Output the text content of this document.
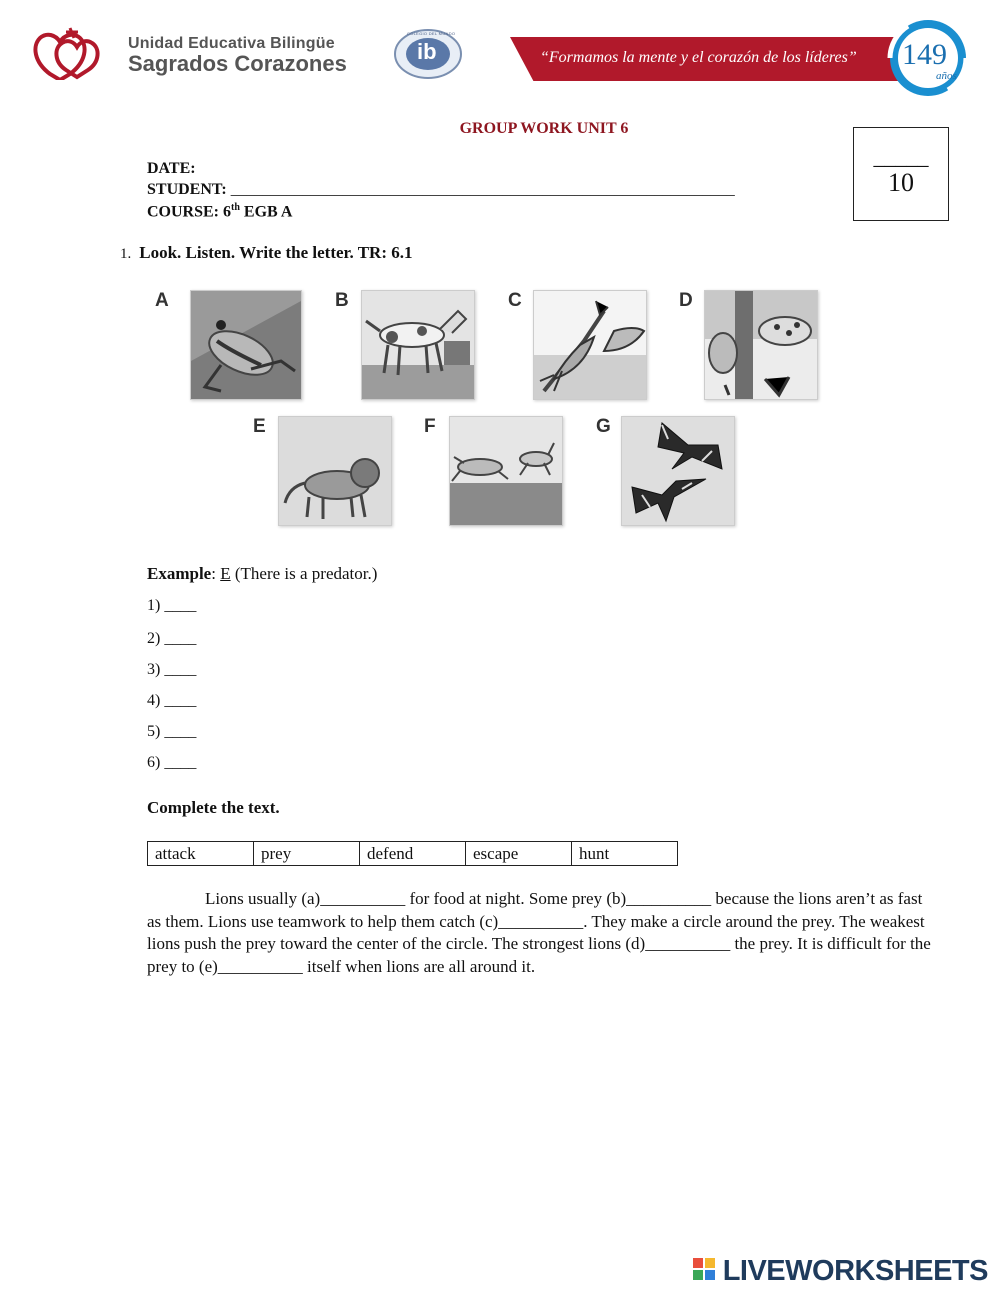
Unidad Educativa Bilingüe
Sagrados Corazones	ib
COLEGIO DEL MUNDO
“Formamos la mente y el corazón de los líderes” 149
años
GROUP WORK UNIT 6
DATE:
STUDENT: _______________________________________________________________
COURSE: 6th EGB A
_____
10
1. Look. Listen. Write the letter. TR: 6.1
A	B	C	D
E	F	G
Example: E (There is a predator.)
1) ____
2) ____
3) ____
4) ____
5) ____
6) ____
Complete the text.
attack	prey	defend	escape	hunt
Lions usually (a)__________ for food at night. Some prey (b)__________ because the lions aren’t as fast as them. Lions use teamwork to help them catch (c)__________. They make a circle around the prey. The weakest lions push the prey toward the center of the circle. The strongest lions (d)__________ the prey. It is difficult for the prey to (e)__________ itself when lions are all around it.
LIVEWORKSHEETS
